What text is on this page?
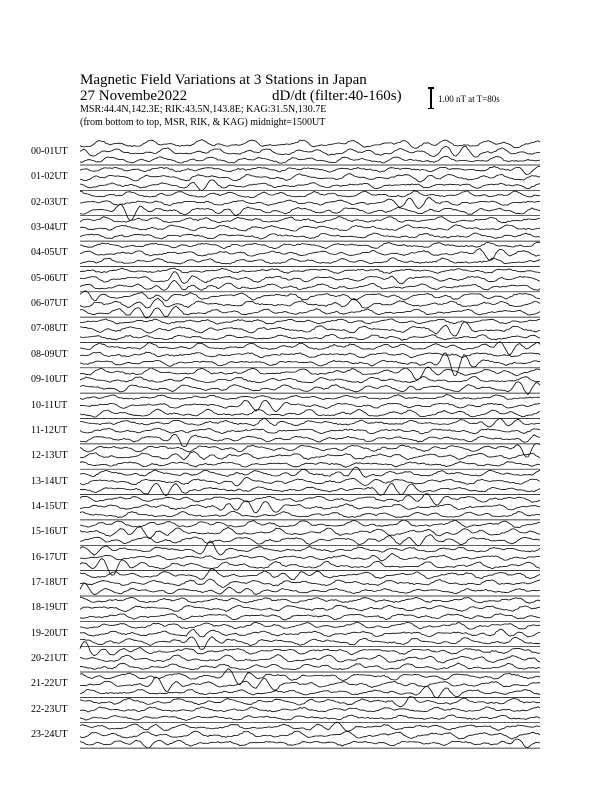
Magnetic Field Variations at 3 Stations in Japan
27 Novembe2022	dD/dt (filter:40-160s)
MSR:44.4N,142.3E; RIK:43.5N,143.8E; KAG:31.5N,130.7E
(from bottom to top, MSR, RIK, & KAG) midnight=1500UT
1.00 nT at T=80s
00-01UT
01-02UT
02-03UT
03-04UT
04-05UT
05-06UT
06-07UT
07-08UT
08-09UT
09-10UT
10-11UT
11-12UT
12-13UT
13-14UT
14-15UT
15-16UT
16-17UT
17-18UT
18-19UT
19-20UT
20-21UT
21-22UT
22-23UT
23-24UT
